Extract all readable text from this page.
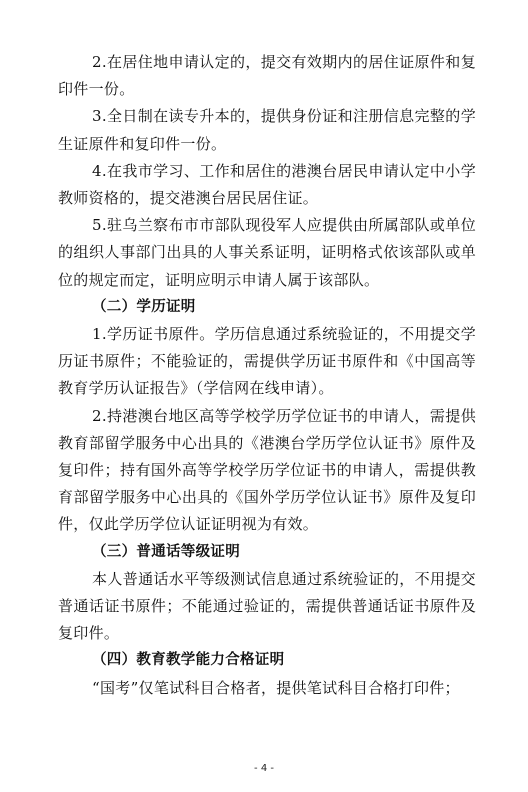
2.在居住地申请认定的，提交有效期内的居住证原件和复印件一份。

3.全日制在读专升本的，提供身份证和注册信息完整的学生证原件和复印件一份。

4.在我市学习、工作和居住的港澳台居民申请认定中小学教师资格的，提交港澳台居民居住证。

5.驻乌兰察布市市部队现役军人应提供由所属部队或单位的组织人事部门出具的人事关系证明，证明格式依该部队或单位的规定而定，证明应明示申请人属于该部队。

（二）学历证明

1.学历证书原件。学历信息通过系统验证的，不用提交学历证书原件；不能验证的，需提供学历证书原件和《中国高等教育学历认证报告》（学信网在线申请）。

2.持港澳台地区高等学校学历学位证书的申请人，需提供教育部留学服务中心出具的《港澳台学历学位认证书》原件及复印件；持有国外高等学校学历学位证书的申请人，需提供教育部留学服务中心出具的《国外学历学位认证书》原件及复印件，仅此学历学位认证证明视为有效。

（三）普通话等级证明

本人普通话水平等级测试信息通过系统验证的，不用提交普通话证书原件；不能通过验证的，需提供普通话证书原件及复印件。

（四）教育教学能力合格证明

“国考”仅笔试科目合格者，提供笔试科目合格打印件；

- 4 -
